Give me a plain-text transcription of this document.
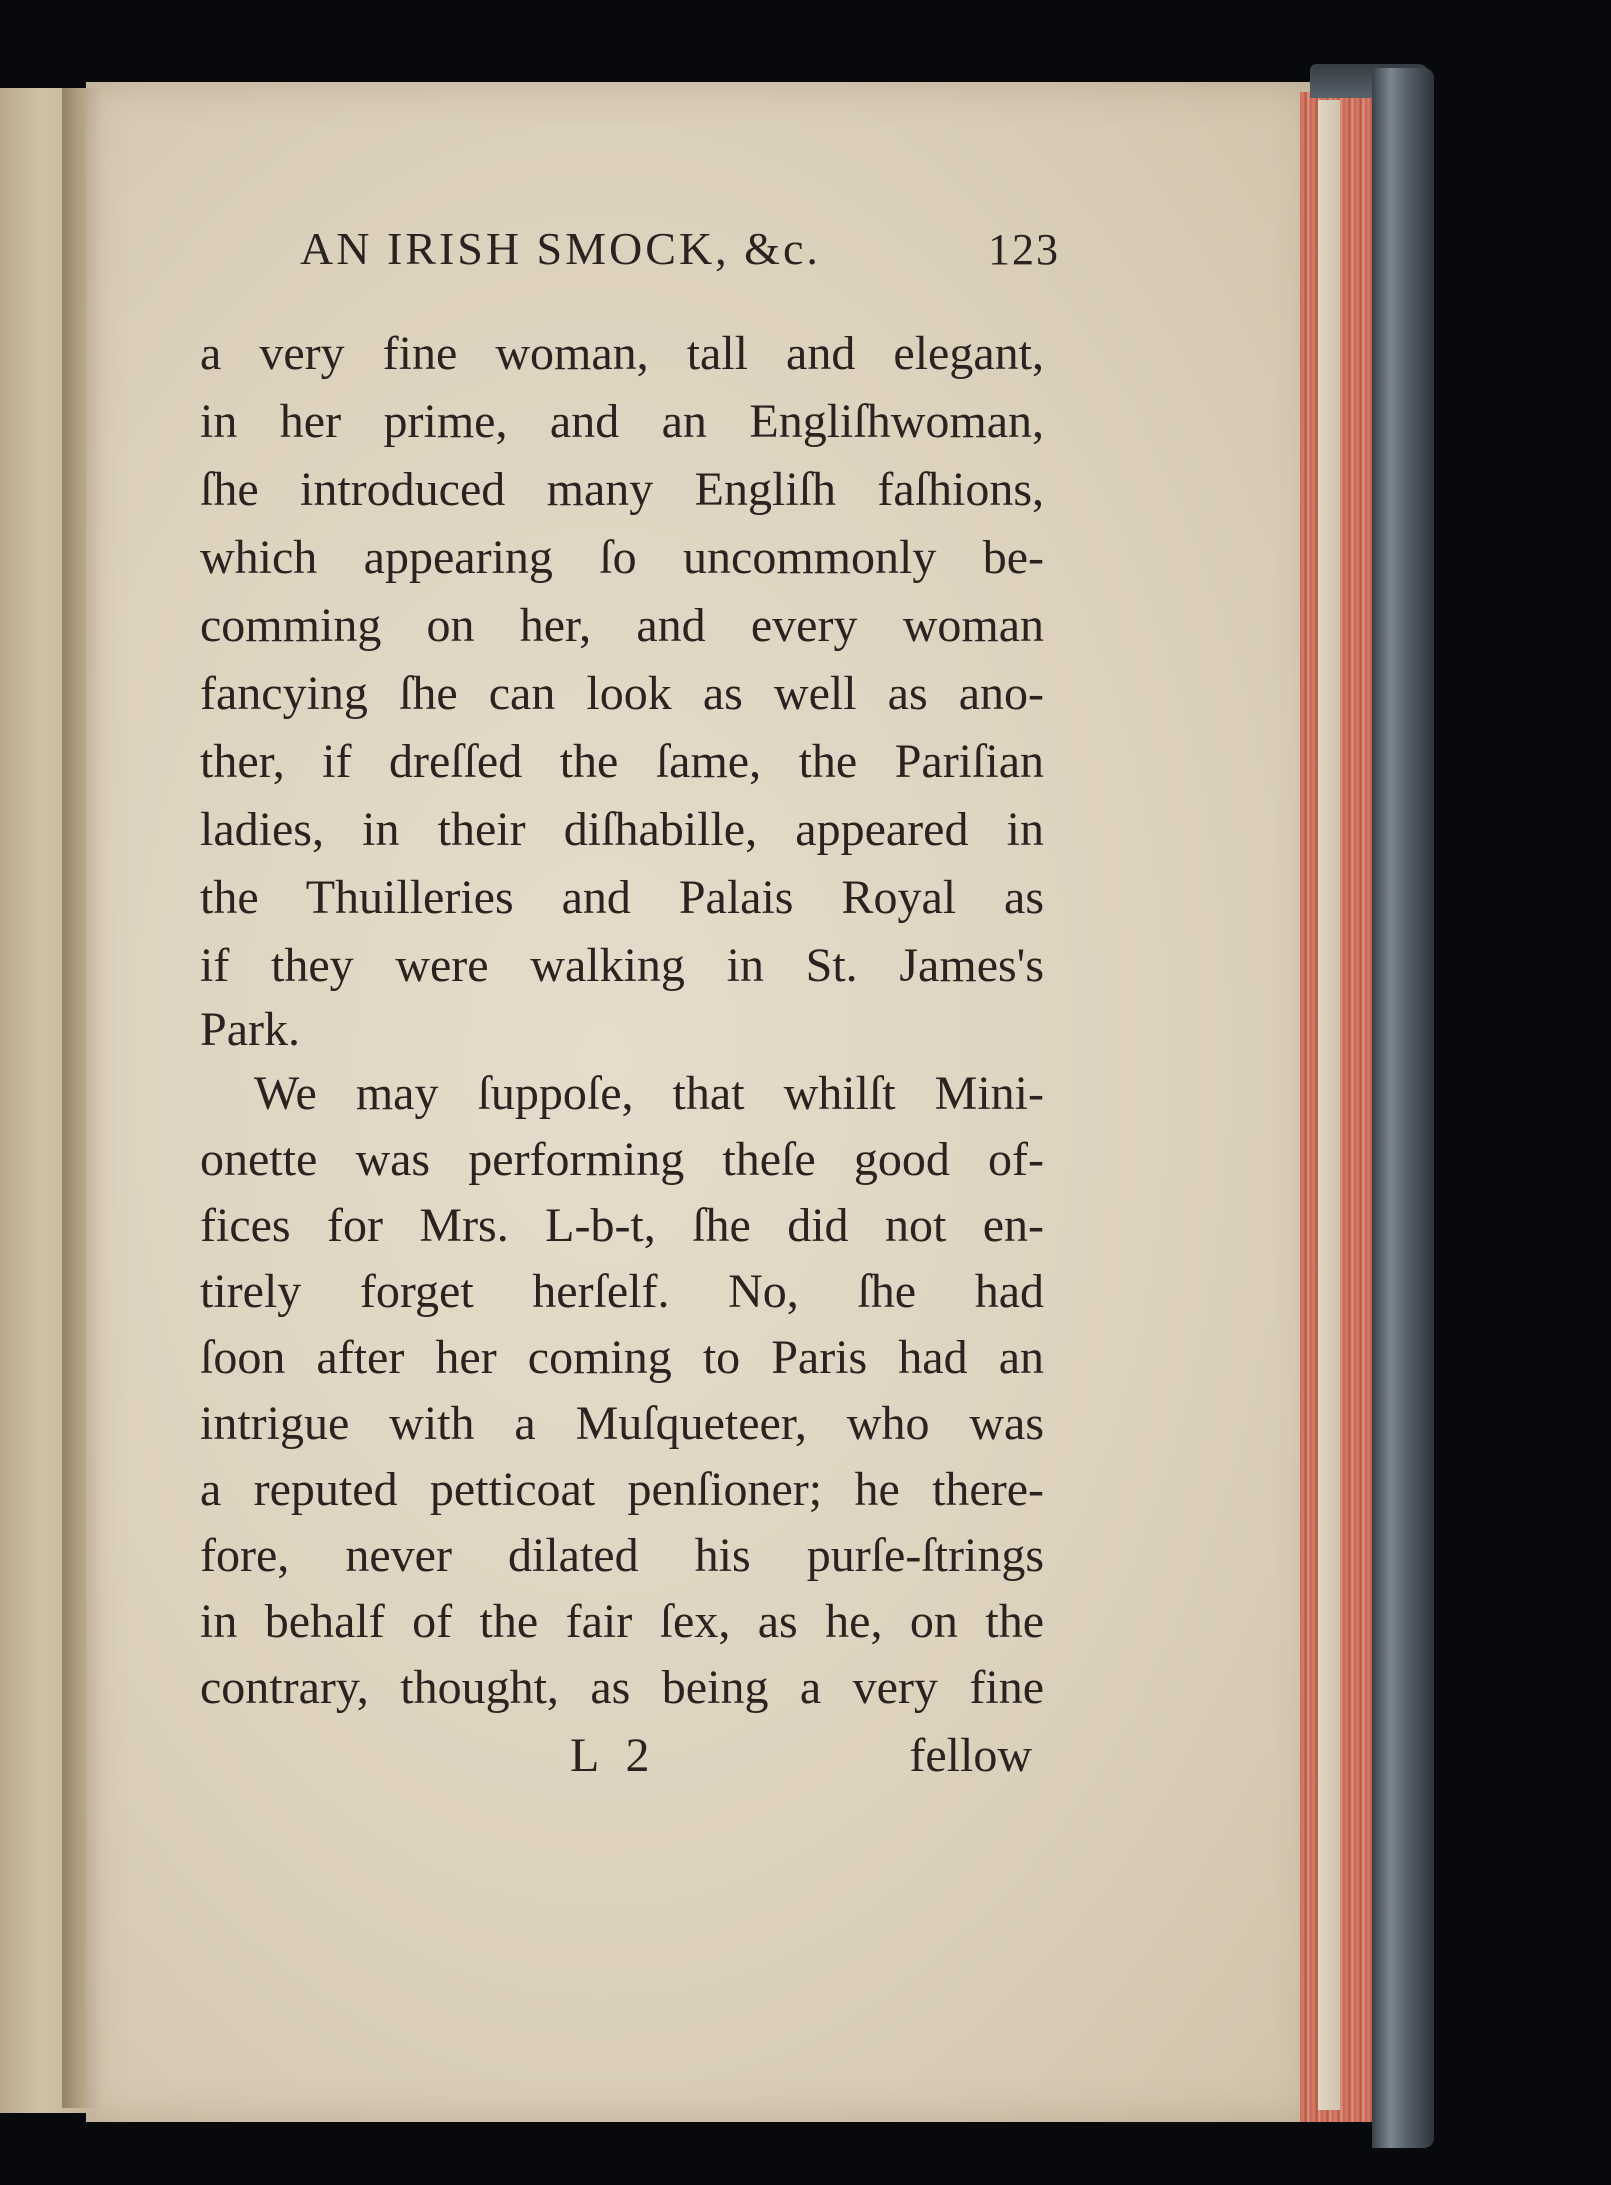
AN IRISH SMOCK, &c.	123
a very fine woman, tall and elegant,
in her prime, and an Engliſhwoman,
ſhe introduced many Engliſh faſhions,
which appearing ſo uncommonly be-
comming on her, and every woman
fancying ſhe can look as well as ano-
ther, if dreſſed the ſame, the Pariſian
ladies, in their diſhabille, appeared in
the Thuilleries and Palais Royal as
if they were walking in St. James's
Park.
We may ſuppoſe, that whilſt Mini-
onette was performing theſe good of-
fices for Mrs. L-b-t, ſhe did not en-
tirely forget herſelf. No, ſhe had
ſoon after her coming to Paris had an
intrigue with a Muſqueteer, who was
a reputed petticoat penſioner; he there-
fore, never dilated his purſe-ſtrings
in behalf of the fair ſex, as he, on the
contrary, thought, as being a very fine
L 2	fellow
